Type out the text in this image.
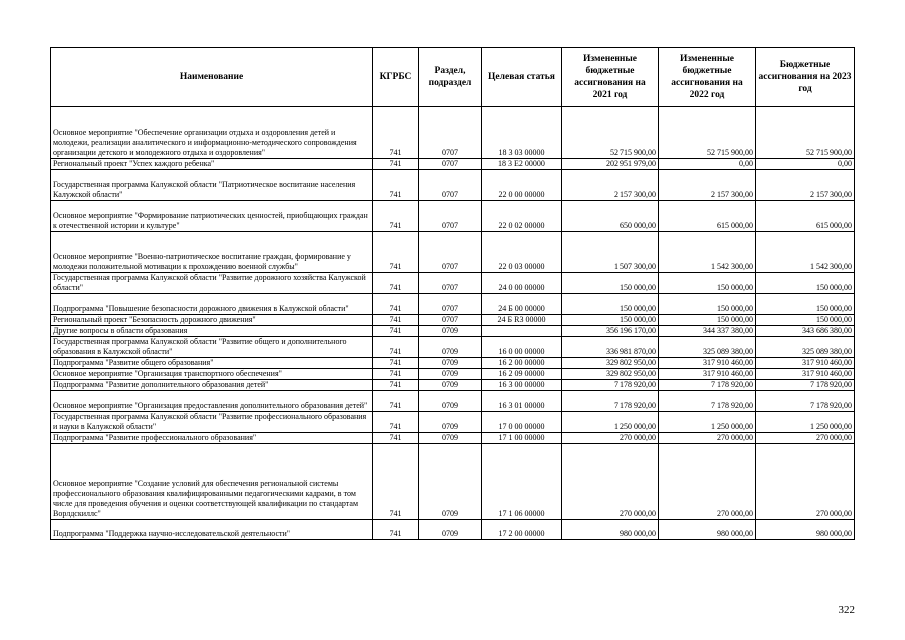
Наименование	КГРБС	Раздел, подраздел	Целевая статья	Измененные бюджетные ассигнования на 2021 год	Измененные бюджетные ассигнования на 2022 год	Бюджетные ассигнования на 2023 год
Основное мероприятие "Обеспечение организации отдыха и оздоровления детей и молодежи, реализации аналитического и информационно-методического сопровождения организации детского и молодежного отдыха и оздоровления"	741	0707	18 3 03 00000	52 715 900,00	52 715 900,00	52 715 900,00
Региональный проект "Успех каждого ребенка"	741	0707	18 3 E2 00000	202 951 979,00	0,00	0,00
Государственная программа Калужской области "Патриотическое воспитание населения Калужской области"	741	0707	22 0 00 00000	2 157 300,00	2 157 300,00	2 157 300,00
Основное мероприятие "Формирование патриотических ценностей, приобщающих граждан к отечественной истории и культуре"	741	0707	22 0 02 00000	650 000,00	615 000,00	615 000,00
Основное мероприятие "Военно-патриотическое воспитание граждан, формирование у молодежи положительной мотивации к прохождению военной службы"	741	0707	22 0 03 00000	1 507 300,00	1 542 300,00	1 542 300,00
Государственная программа Калужской области "Развитие дорожного хозяйства Калужской области"	741	0707	24 0 00 00000	150 000,00	150 000,00	150 000,00
Подпрограмма "Повышение безопасности дорожного движения в Калужской области"	741	0707	24 Б 00 00000	150 000,00	150 000,00	150 000,00
Региональный проект "Безопасность дорожного движения"	741	0707	24 Б R3 00000	150 000,00	150 000,00	150 000,00
Другие вопросы в области образования	741	0709		356 196 170,00	344 337 380,00	343 686 380,00
Государственная программа Калужской области "Развитие общего и дополнительного образования в Калужской области"	741	0709	16 0 00 00000	336 981 870,00	325 089 380,00	325 089 380,00
Подпрограмма "Развитие общего образования"	741	0709	16 2 00 00000	329 802 950,00	317 910 460,00	317 910 460,00
Основное мероприятие "Организация транспортного обеспечения"	741	0709	16 2 09 00000	329 802 950,00	317 910 460,00	317 910 460,00
Подпрограмма "Развитие дополнительного образования детей"	741	0709	16 3 00 00000	7 178 920,00	7 178 920,00	7 178 920,00
Основное мероприятие "Организация предоставления дополнительного образования детей"	741	0709	16 3 01 00000	7 178 920,00	7 178 920,00	7 178 920,00
Государственная программа Калужской области "Развитие профессионального образования и науки в Калужской области"	741	0709	17 0 00 00000	1 250 000,00	1 250 000,00	1 250 000,00
Подпрограмма "Развитие профессионального образования"	741	0709	17 1 00 00000	270 000,00	270 000,00	270 000,00
Основное мероприятие "Создание условий для обеспечения региональной системы профессионального образования квалифицированными педагогическими кадрами, в том числе для проведения обучения и оценки соответствующей квалификации по стандартам Ворлдскиллс"	741	0709	17 1 06 00000	270 000,00	270 000,00	270 000,00
Подпрограмма "Поддержка научно-исследовательской деятельности"	741	0709	17 2 00 00000	980 000,00	980 000,00	980 000,00
322
